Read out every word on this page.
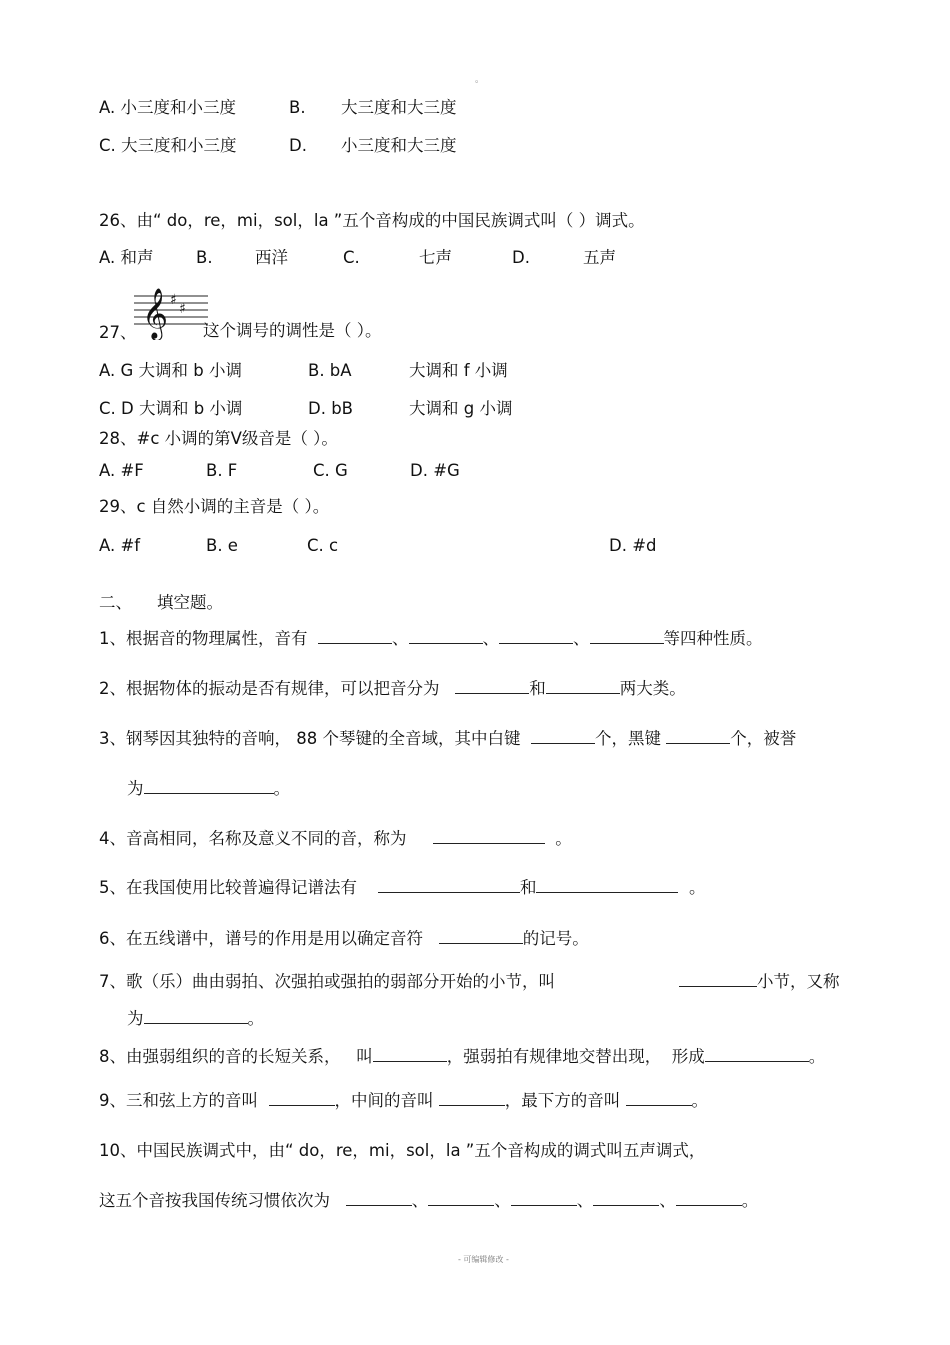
。
A. 小三度和小三度	B. 大三度和大三度
C. 大三度和小三度	D. 小三度和大三度
26、由“ do，re，mi，sol，la ”五个音构成的中国民族调式叫（ ）调式。
A. 和声	B.	西洋	C.	七声	D.	五声
𝄞 ♯
♯
27、	这个调号的调性是（ ）。
A. G 大调和 b 小调	B. bA	大调和 f 小调
C. D 大调和 b 小调	D. bB	大调和 g 小调
28、#c 小调的第Ⅴ级音是（ ）。
A. #F	B. F	C. G	D. #G
29、c 自然小调的主音是（ ）。
A. #f	B. e	C. c	D. #d
二、 填空题。
1、根据音的物理属性，音有	、	、	、	等四种性质。
2、根据物体的振动是否有规律，可以把音分为	和	两大类。
3、钢琴因其独特的音响， 88 个琴键的全音域，其中白键	个，黑键	个，被誉
为	。
4、音高相同，名称及意义不同的音，称为	。
5、在我国使用比较普遍得记谱法有	和	。
6、在五线谱中，谱号的作用是用以确定音符	的记号。
7、歌（乐）曲由弱拍、次强拍或强拍的弱部分开始的小节，叫	小节，又称
为	。
8、由强弱组织的音的长短关系， 叫	，强弱拍有规律地交替出现， 形成	。
9、三和弦上方的音叫	，中间的音叫	，最下方的音叫	。
10、中国民族调式中，由“ do，re，mi，sol，la ”五个音构成的调式叫五声调式，
这五个音按我国传统习惯依次为	、	、	、	、	。
- 可编辑修改 -
